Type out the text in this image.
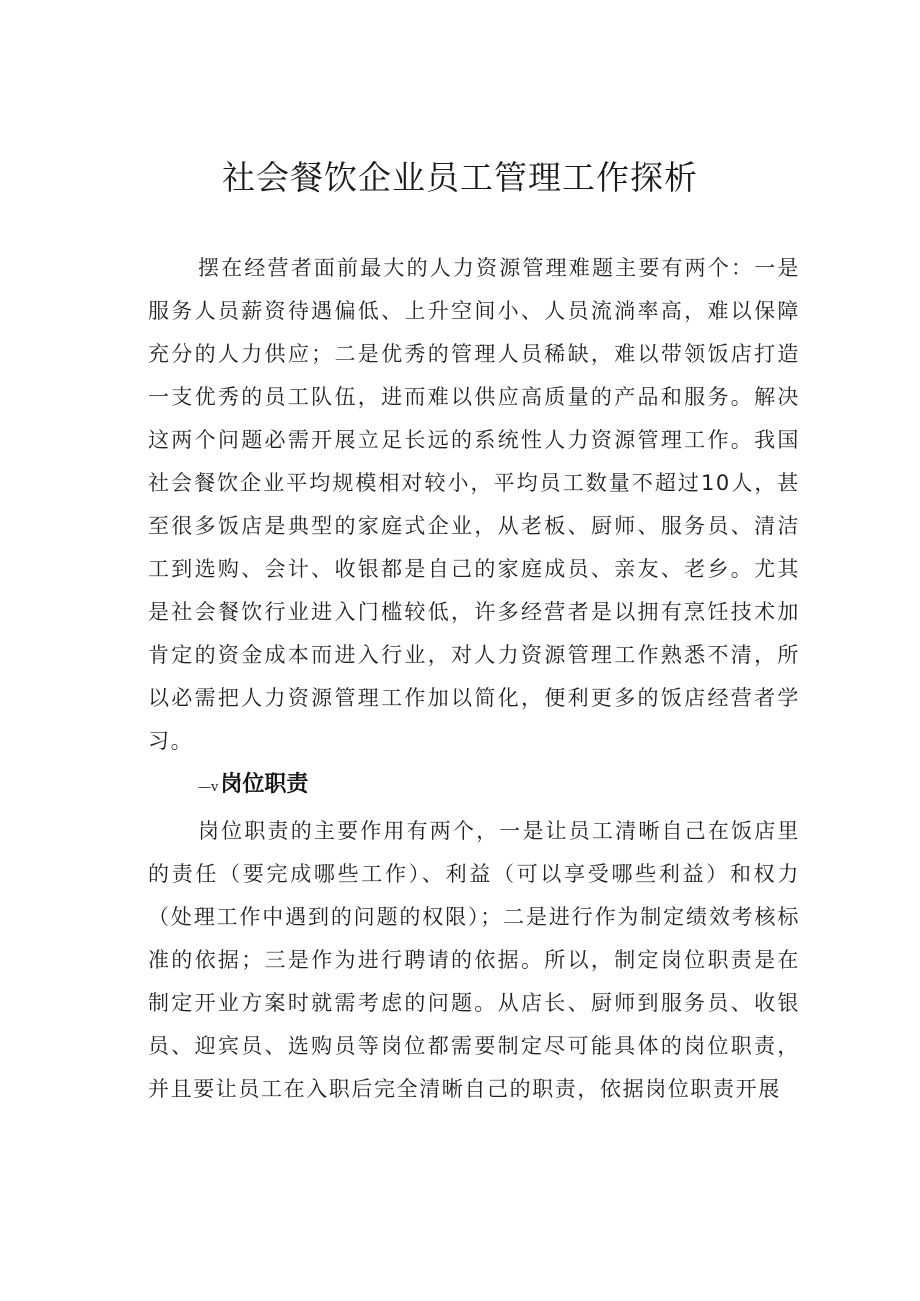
社会餐饮企业员工管理工作探析

摆在经营者面前最大的人力资源管理难题主要有两个：一是服务人员薪资待遇偏低、上升空间小、人员流淌率高，难以保障充分的人力供应；二是优秀的管理人员稀缺，难以带领饭店打造一支优秀的员工队伍，进而难以供应高质量的产品和服务。解决这两个问题必需开展立足长远的系统性人力资源管理工作。我国社会餐饮企业平均规模相对较小，平均员工数量不超过10人，甚至很多饭店是典型的家庭式企业，从老板、厨师、服务员、清洁工到选购、会计、收银都是自己的家庭成员、亲友、老乡。尤其是社会餐饮行业进入门槛较低，许多经营者是以拥有烹饪技术加肯定的资金成本而进入行业，对人力资源管理工作熟悉不清，所以必需把人力资源管理工作加以简化，便利更多的饭店经营者学习。

—v 岗位职责

岗位职责的主要作用有两个，一是让员工清晰自己在饭店里的责任（要完成哪些工作）、利益（可以享受哪些利益）和权力（处理工作中遇到的问题的权限）；二是进行作为制定绩效考核标准的依据；三是作为进行聘请的依据。所以，制定岗位职责是在制定开业方案时就需考虑的问题。从店长、厨师到服务员、收银员、迎宾员、选购员等岗位都需要制定尽可能具体的岗位职责，并且要让员工在入职后完全清晰自己的职责，依据岗位职责开展
